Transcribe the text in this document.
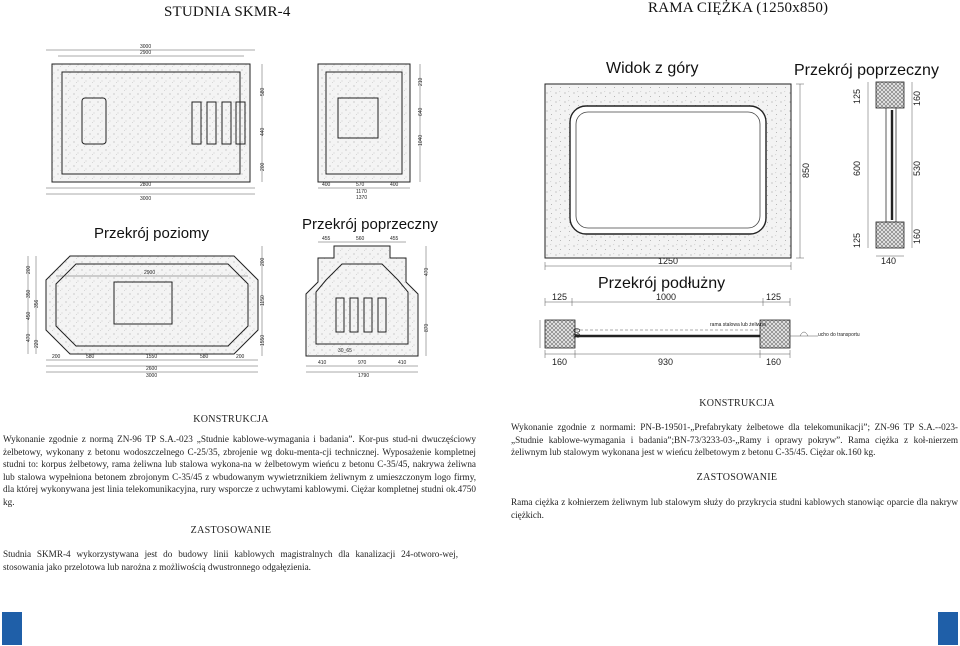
STUDNIA SKMR-4	RAMA CIĘŻKA (1250x850)
3000
2900
2800
3000
400	570	400
1170
1370
210
640
1040
580
440
200
Przekrój poziomy
Przekrój poprzeczny
2900
200	580	1550	580	200
2600
3000
200
350
450
470
356
220
455	560	455
30_65
410	970	410
1790
200
1150
1550
470
870
Widok z góry	Przekrój poprzeczny
1250
850
125
600
125
160
530
160
140
Przekrój podłużny
125	1000	125
rama stalowa lub żeliwna
ucho do transportu
160	930	160
80
KONSTRUKCJA
Wykonanie zgodnie z normą ZN-96 TP S.A.-023 „Studnie kablowe-wymagania i badania”. Kor-pus stud-ni dwuczęściowy żelbetowy, wykonany z betonu wodoszczelnego C-25/35, zbrojenie wg doku-menta-cji technicznej. Wyposażenie kompletnej studni to: korpus żelbetowy, rama żeliwna lub stalowa wykona-na w żelbetowym wieńcu z betonu C-35/45, nakrywa żeliwna lub stalowa wypełniona betonem zbrojonym C-35/45 z wbudowanym wywietrznikiem żeliwnym z umieszczonym logo firmy, dla której wykonywana jest linia telekomunikacyjna, rury wsporcze z uchwytami kablowymi. Ciężar kompletnej studni ok.4750 kg.
ZASTOSOWANIE
Studnia SKMR-4 wykorzystywana jest do budowy linii kablowych magistralnych dla kanalizacji 24-otworo-wej, stosowania jako przelotowa lub narożna z możliwością dwustronnego odgałęzienia.
KONSTRUKCJA
Wykonanie zgodnie z normami: PN-B-19501-„Prefabrykaty żelbetowe dla telekomunikacji”; ZN-96 TP S.A.--023-„Studnie kablowe-wymagania i badania”;BN-73/3233-03-„Ramy i oprawy pokryw”. Rama ciężka z koł-nierzem żeliwnym lub stalowym wykonana jest w wieńcu żelbetowym z betonu C-35/45. Ciężar ok.160 kg.
ZASTOSOWANIE
Rama ciężka z kołnierzem żeliwnym lub stalowym służy do przykrycia studni kablowych stanowiąc oparcie dla nakryw ciężkich.
